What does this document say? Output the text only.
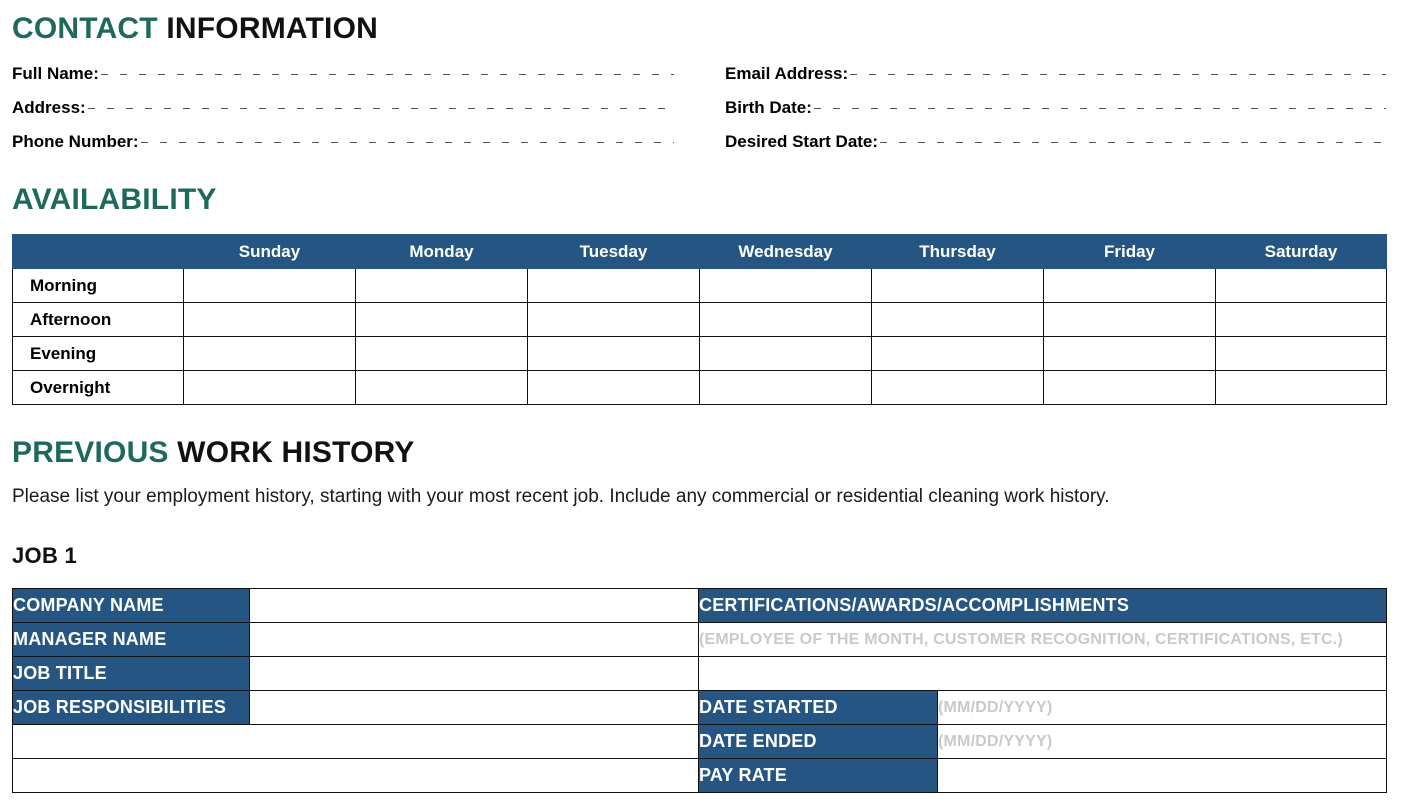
CONTACT INFORMATION
Full Name:
Address:
Phone Number:
Email Address:
Birth Date:
Desired Start Date:
AVAILABILITY
	Sunday	Monday	Tuesday	Wednesday	Thursday	Friday	Saturday
Morning							
Afternoon							
Evening							
Overnight							
PREVIOUS WORK HISTORY
Please list your employment history, starting with your most recent job. Include any commercial or residential cleaning work history.
JOB 1
COMPANY NAME	
MANAGER NAME	
JOB TITLE	
JOB RESPONSIBILITIES	

CERTIFICATIONS/AWARDS/ACCOMPLISHMENTS	
(EMPLOYEE OF THE MONTH, CUSTOMER RECOGNITION, CERTIFICATIONS, ETC.)	

DATE STARTED	(MM/DD/YYYY)
DATE ENDED	(MM/DD/YYYY)
PAY RATE	
